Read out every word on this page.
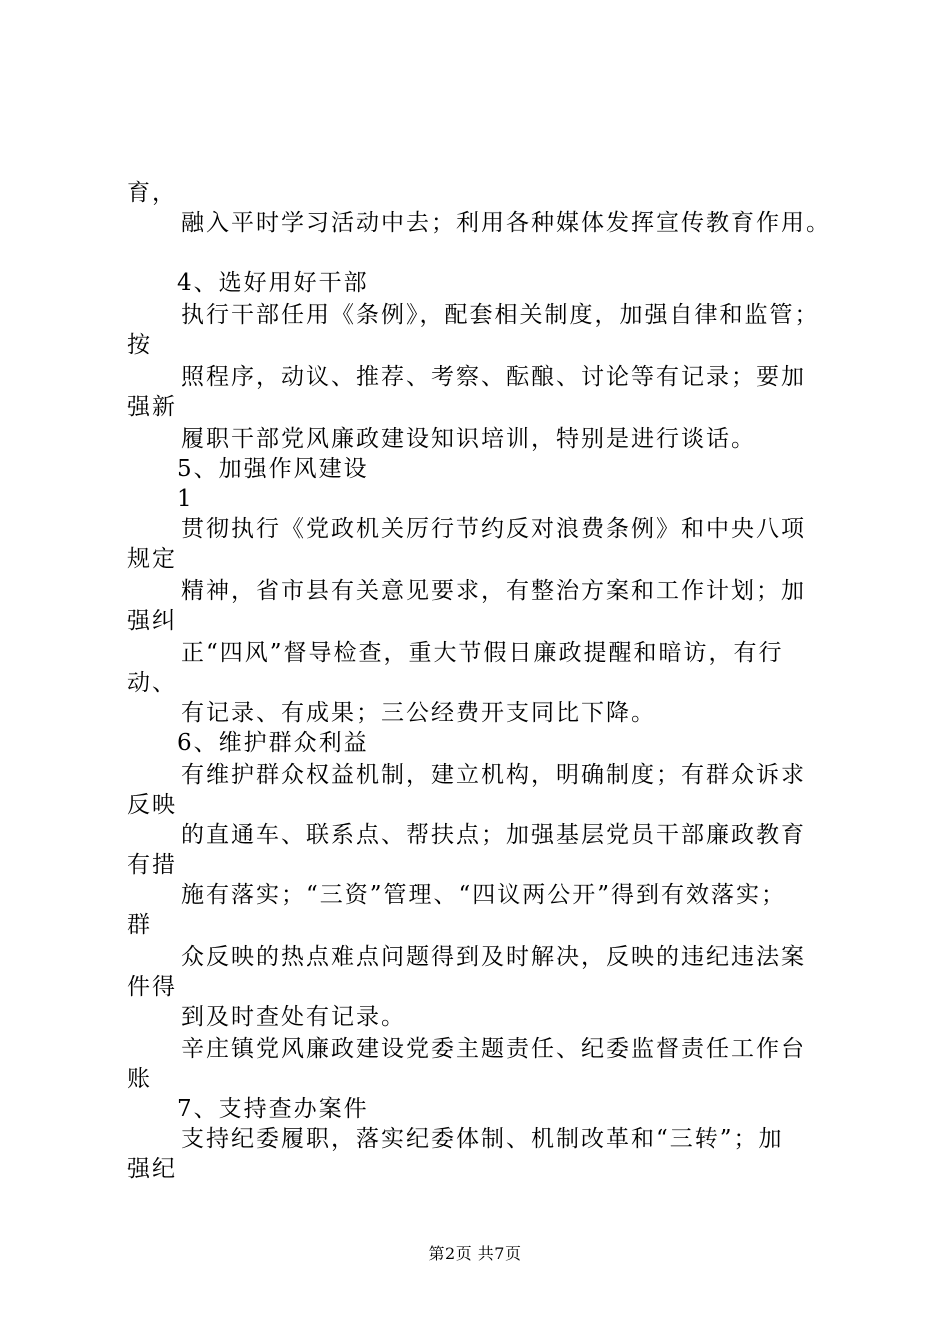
育，
融入平时学习活动中去；利用各种媒体发挥宣传教育作用。
4、选好用好干部
执行干部任用《条例》，配套相关制度，加强自律和监管；
按
照程序，动议、推荐、考察、酝酿、讨论等有记录；要加
强新
履职干部党风廉政建设知识培训，特别是进行谈话。
5、加强作风建设
1
贯彻执行《党政机关厉行节约反对浪费条例》和中央八项
规定
精神，省市县有关意见要求，有整治方案和工作计划；加
强纠
正“四风”督导检查，重大节假日廉政提醒和暗访，有行
动、
有记录、有成果；三公经费开支同比下降。
6、维护群众利益
有维护群众权益机制，建立机构，明确制度；有群众诉求
反映
的直通车、联系点、帮扶点；加强基层党员干部廉政教育
有措
施有落实；“三资”管理、“四议两公开”得到有效落实；
群
众反映的热点难点问题得到及时解决，反映的违纪违法案
件得
到及时查处有记录。
辛庄镇党风廉政建设党委主题责任、纪委监督责任工作台
账
7、支持查办案件
支持纪委履职，落实纪委体制、机制改革和“三转”；加
强纪
第2页 共7页
